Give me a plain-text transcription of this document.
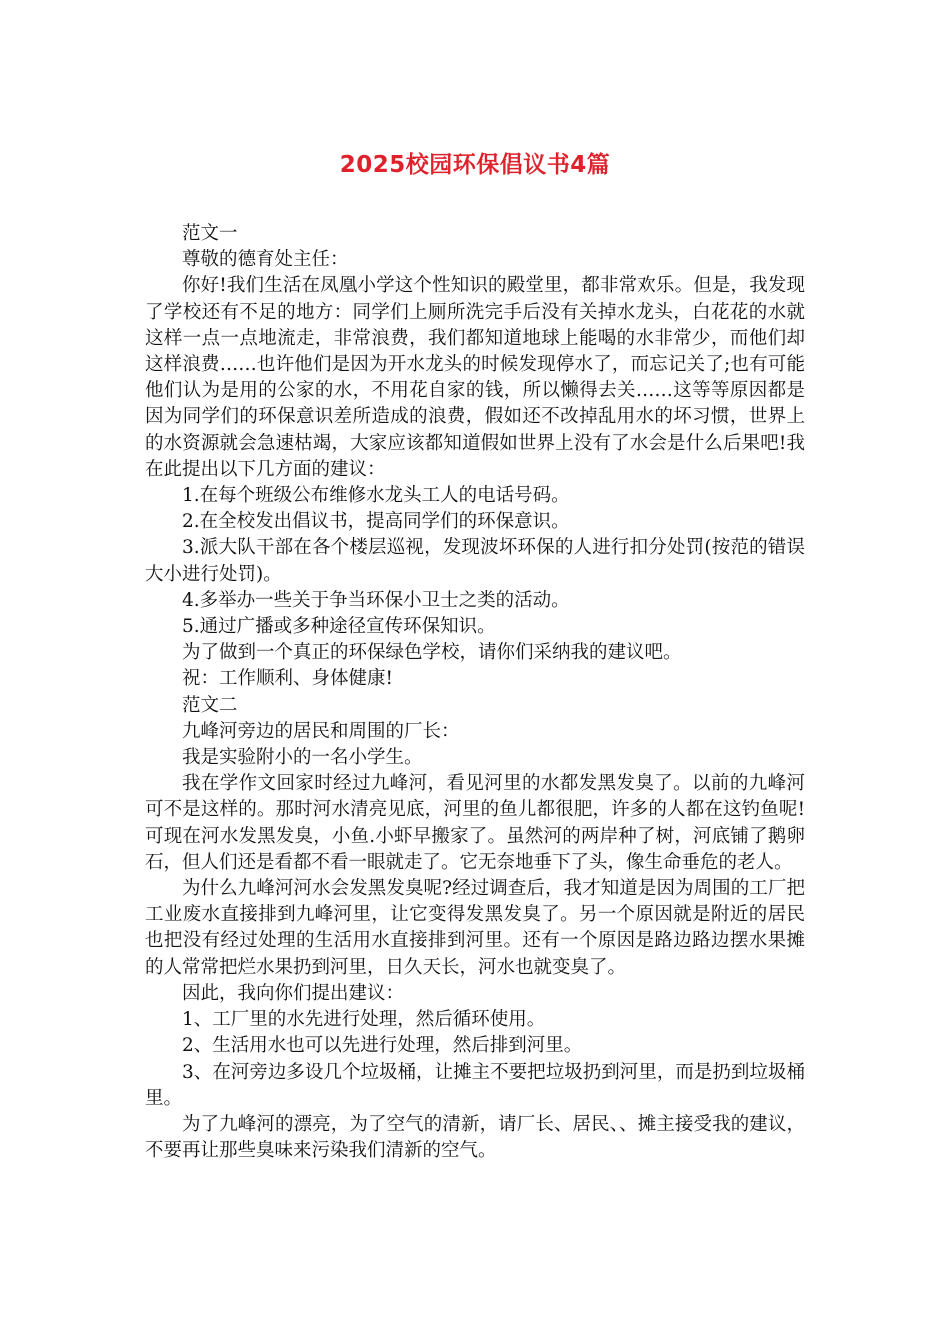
2025校园环保倡议书4篇

范文一

尊敬的德育处主任：

你好!我们生活在凤凰小学这个性知识的殿堂里，都非常欢乐。但是，我发现了学校还有不足的地方：同学们上厕所洗完手后没有关掉水龙头，白花花的水就这样一点一点地流走，非常浪费，我们都知道地球上能喝的水非常少，而他们却这样浪费……也许他们是因为开水龙头的时候发现停水了，而忘记关了;也有可能他们认为是用的公家的水，不用花自家的钱，所以懒得去关……这等等原因都是因为同学们的环保意识差所造成的浪费，假如还不改掉乱用水的坏习惯，世界上的水资源就会急速枯竭，大家应该都知道假如世界上没有了水会是什么后果吧!我在此提出以下几方面的建议：

1.在每个班级公布维修水龙头工人的电话号码。

2.在全校发出倡议书，提高同学们的环保意识。

3.派大队干部在各个楼层巡视，发现波坏环保的人进行扣分处罚(按范的错误大小进行处罚)。

4.多举办一些关于争当环保小卫士之类的活动。

5.通过广播或多种途径宣传环保知识。

为了做到一个真正的环保绿色学校，请你们采纳我的建议吧。

祝：工作顺利、身体健康!

范文二

九峰河旁边的居民和周围的厂长：

我是实验附小的一名小学生。

我在学作文回家时经过九峰河，看见河里的水都发黑发臭了。以前的九峰河可不是这样的。那时河水清亮见底，河里的鱼儿都很肥，许多的人都在这钓鱼呢!可现在河水发黑发臭，小鱼.小虾早搬家了。虽然河的两岸种了树，河底铺了鹅卵石，但人们还是看都不看一眼就走了。它无奈地垂下了头，像生命垂危的老人。

为什么九峰河河水会发黑发臭呢?经过调查后，我才知道是因为周围的工厂把工业废水直接排到九峰河里，让它变得发黑发臭了。另一个原因就是附近的居民也把没有经过处理的生活用水直接排到河里。还有一个原因是路边路边摆水果摊的人常常把烂水果扔到河里，日久天长，河水也就变臭了。

因此，我向你们提出建议：

1、工厂里的水先进行处理，然后循环使用。

2、生活用水也可以先进行处理，然后排到河里。

3、在河旁边多设几个垃圾桶，让摊主不要把垃圾扔到河里，而是扔到垃圾桶里。

为了九峰河的漂亮，为了空气的清新，请厂长、居民、、摊主接受我的建议，不要再让那些臭味来污染我们清新的空气。
